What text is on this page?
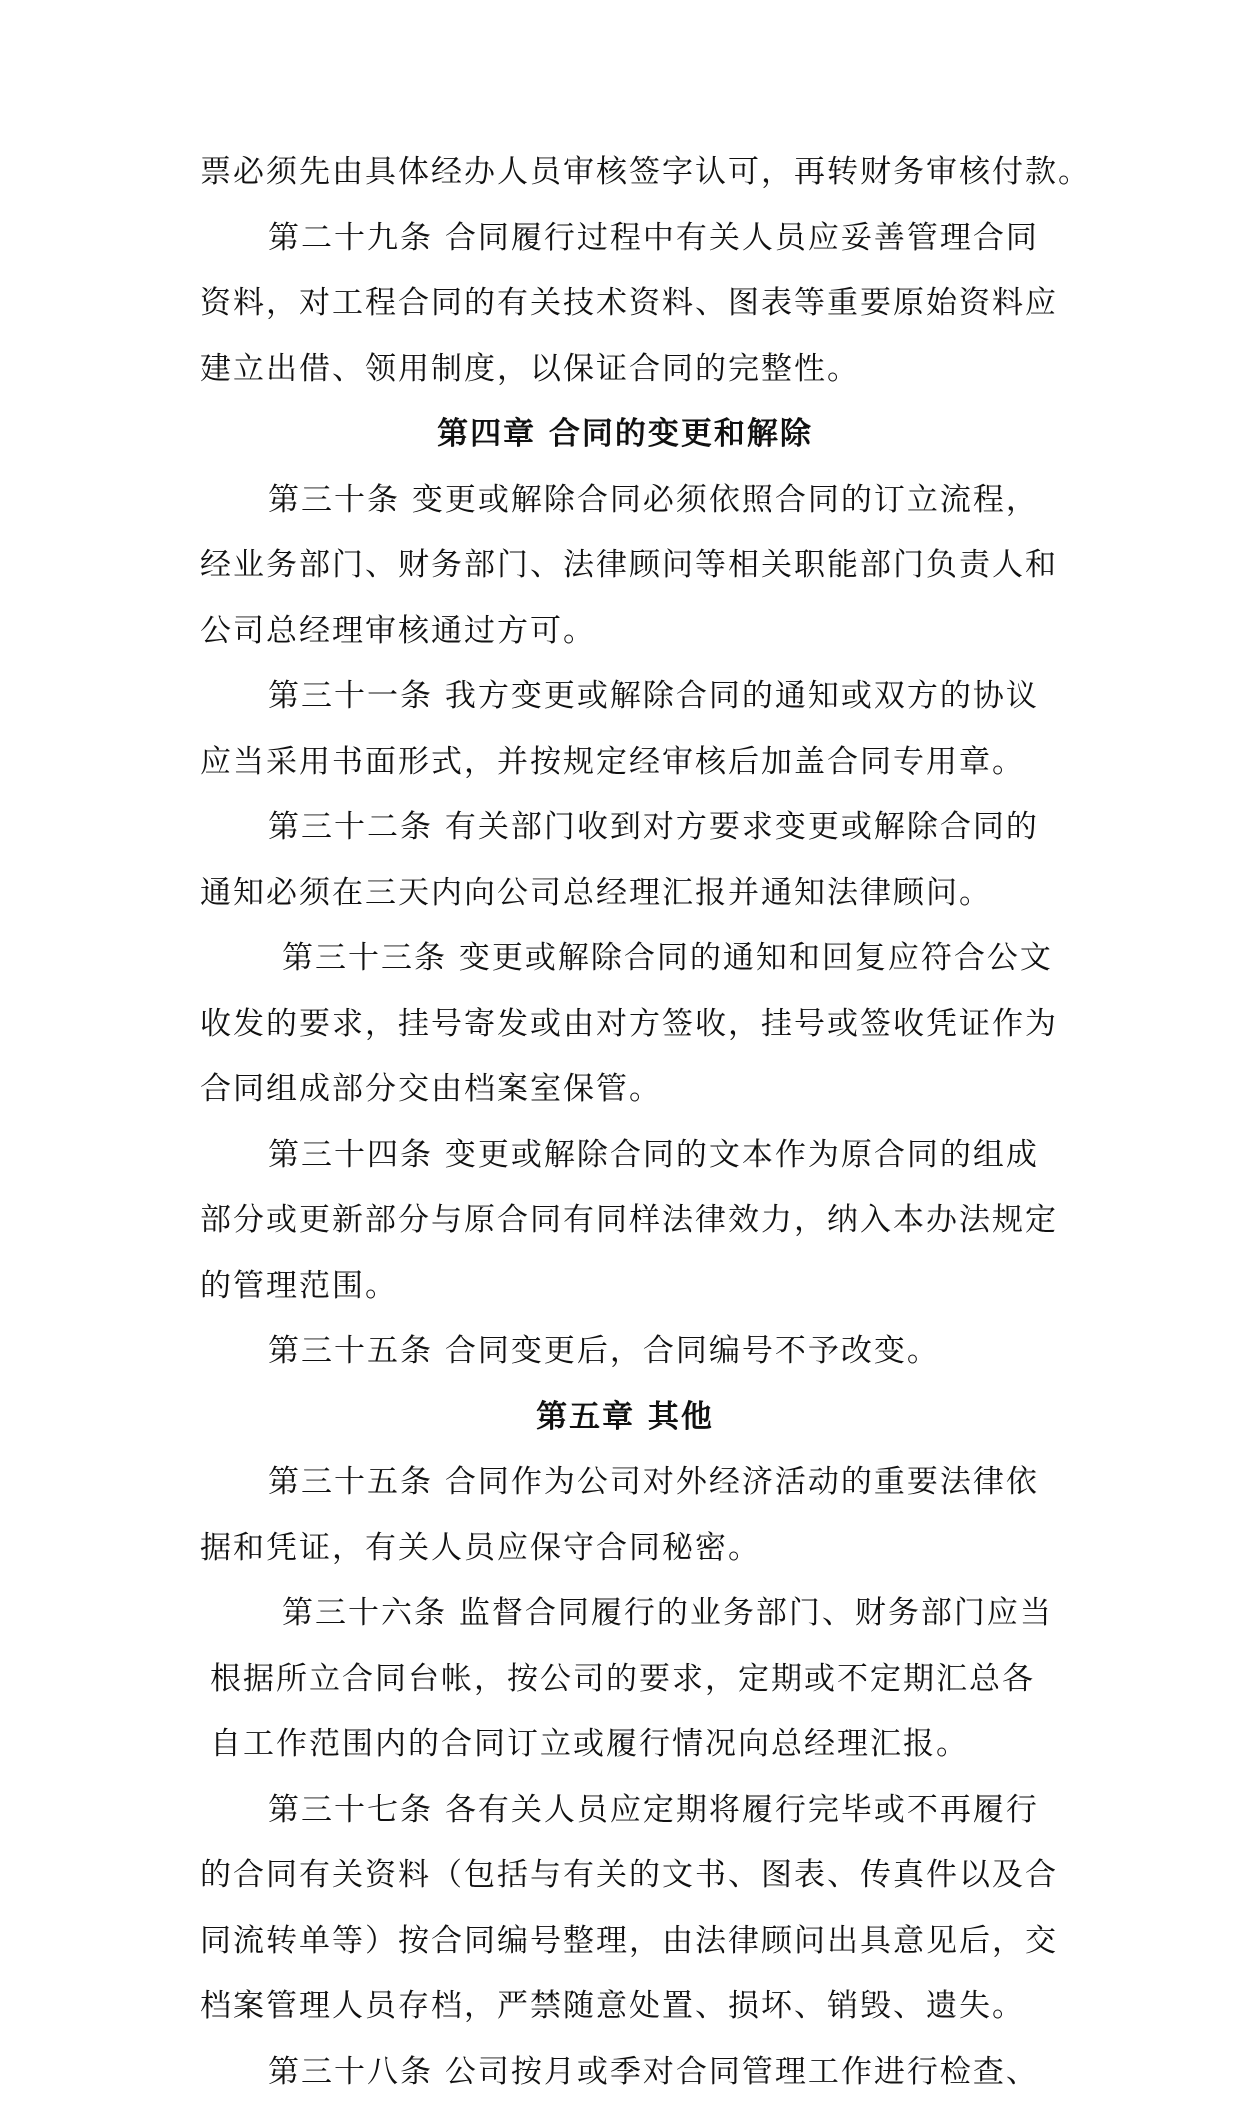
票必须先由具体经办人员审核签字认可，再转财务审核付款。
第二十九条 合同履行过程中有关人员应妥善管理合同
资料，对工程合同的有关技术资料、图表等重要原始资料应
建立出借、领用制度，以保证合同的完整性。
第四章 合同的变更和解除
第三十条 变更或解除合同必须依照合同的订立流程，
经业务部门、财务部门、法律顾问等相关职能部门负责人和
公司总经理审核通过方可。
第三十一条 我方变更或解除合同的通知或双方的协议
应当采用书面形式，并按规定经审核后加盖合同专用章。
第三十二条 有关部门收到对方要求变更或解除合同的
通知必须在三天内向公司总经理汇报并通知法律顾问。
第三十三条 变更或解除合同的通知和回复应符合公文
收发的要求，挂号寄发或由对方签收，挂号或签收凭证作为
合同组成部分交由档案室保管。
第三十四条 变更或解除合同的文本作为原合同的组成
部分或更新部分与原合同有同样法律效力，纳入本办法规定
的管理范围。
第三十五条 合同变更后，合同编号不予改变。
第五章 其他
第三十五条 合同作为公司对外经济活动的重要法律依
据和凭证，有关人员应保守合同秘密。
第三十六条 监督合同履行的业务部门、财务部门应当
根据所立合同台帐，按公司的要求，定期或不定期汇总各
自工作范围内的合同订立或履行情况向总经理汇报。
第三十七条 各有关人员应定期将履行完毕或不再履行
的合同有关资料（包括与有关的文书、图表、传真件以及合
同流转单等）按合同编号整理，由法律顾问出具意见后，交
档案管理人员存档，严禁随意处置、损坏、销毁、遗失。
第三十八条 公司按月或季对合同管理工作进行检查、
